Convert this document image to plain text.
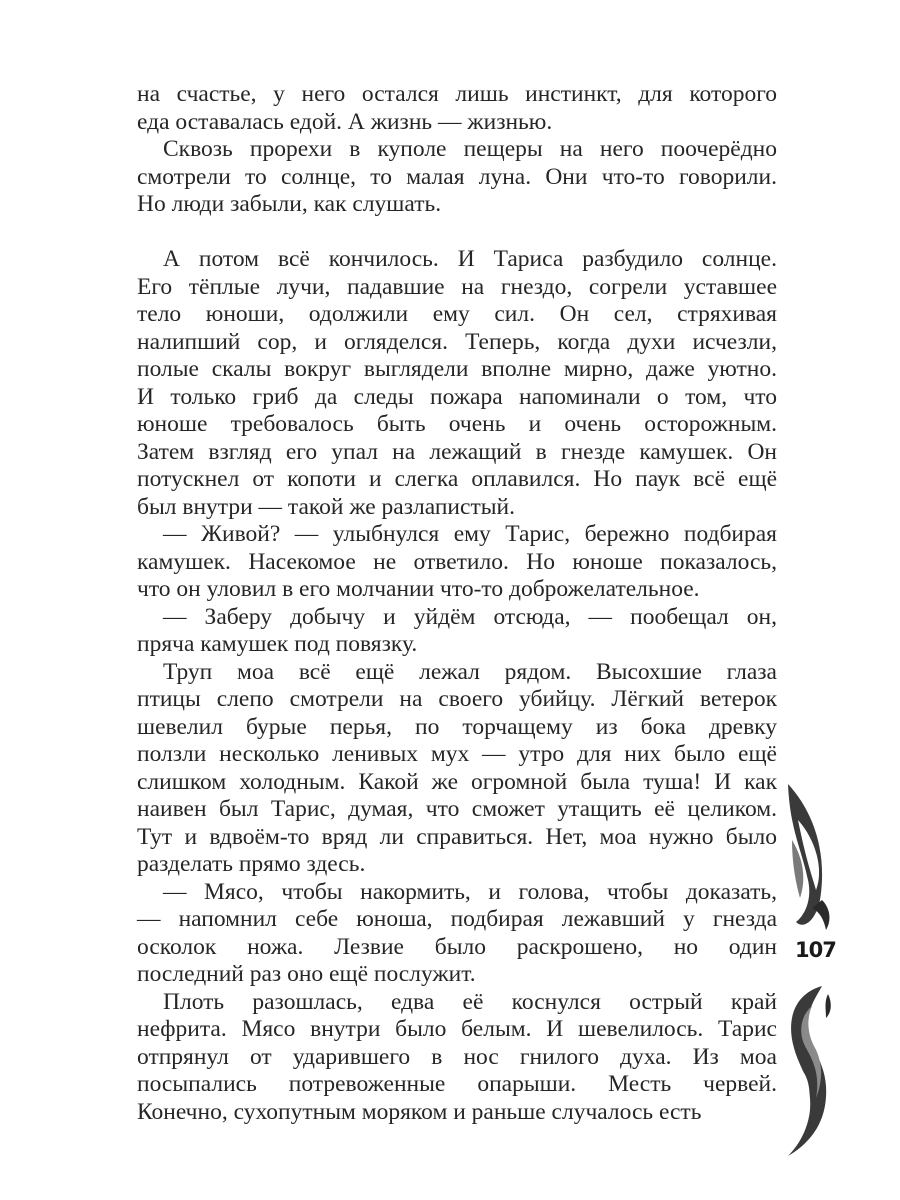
на счастье, у него остался лишь инстинкт, для которого
еда оставалась едой. А жизнь — жизнью.
Сквозь прорехи в куполе пещеры на него поочерёдно
смотрели то солнце, то малая луна. Они что-то говорили.
Но люди забыли, как слушать.
А потом всё кончилось. И Тариса разбудило солнце.
Его тёплые лучи, падавшие на гнездо, согрели уставшее
тело юноши, одолжили ему сил. Он сел, стряхивая
налипший сор, и огляделся. Теперь, когда духи исчезли,
полые скалы вокруг выглядели вполне мирно, даже уютно.
И только гриб да следы пожара напоминали о том, что
юноше требовалось быть очень и очень осторожным.
Затем взгляд его упал на лежащий в гнезде камушек. Он
потускнел от копоти и слегка оплавился. Но паук всё ещё
был внутри — такой же разлапистый.
— Живой? — улыбнулся ему Тарис, бережно подбирая
камушек. Насекомое не ответило. Но юноше показалось,
что он уловил в его молчании что-то доброжелательное.
— Заберу добычу и уйдём отсюда, — пообещал он,
пряча камушек под повязку.
Труп моа всё ещё лежал рядом. Высохшие глаза
птицы слепо смотрели на своего убийцу. Лёгкий ветерок
шевелил бурые перья, по торчащему из бока древку
ползли несколько ленивых мух — утро для них было ещё
слишком холодным. Какой же огромной была туша! И как
наивен был Тарис, думая, что сможет утащить её целиком.
Тут и вдвоём-то вряд ли справиться. Нет, моа нужно было
разделать прямо здесь.
— Мясо, чтобы накормить, и голова, чтобы доказать,
— напомнил себе юноша, подбирая лежавший у гнезда
осколок ножа. Лезвие было раскрошено, но один
последний раз оно ещё послужит.
Плоть разошлась, едва её коснулся острый край
нефрита. Мясо внутри было белым. И шевелилось. Тарис
отпрянул от ударившего в нос гнилого духа. Из моа
посыпались потревоженные опарыши. Месть червей.
Конечно, сухопутным моряком и раньше случалось есть
107
